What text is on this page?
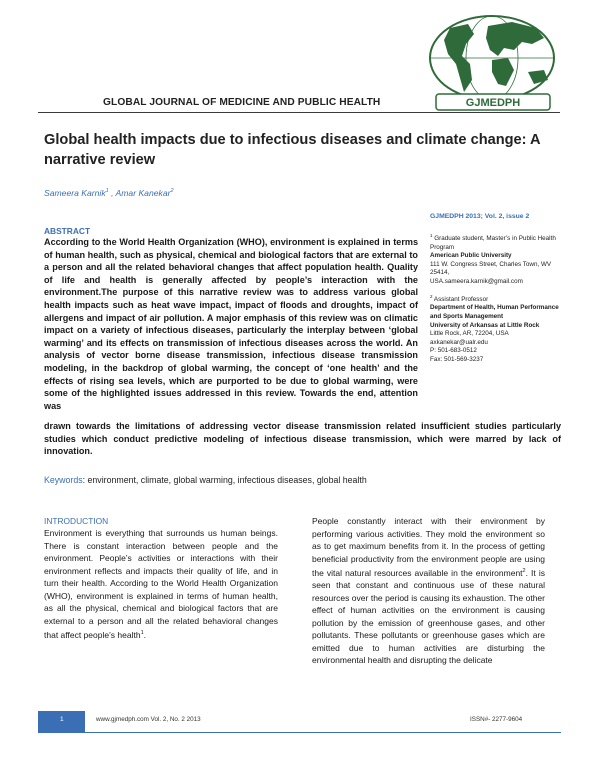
GLOBAL JOURNAL OF MEDICINE AND PUBLIC HEALTH	GJMEDPH
Global health impacts due to infectious diseases and climate change: A narrative review
Sameera Karnik$^1$ , Amar Kanekar$^2$
GJMEDPH 2013; Vol. 2, issue 2
ABSTRACT
According to the World Health Organization (WHO), environment is explained in terms of human health, such as physical, chemical and biological factors that are external to a person and all the related behavioral changes that affect population health. Quality of life and health is generally affected by people’s interaction with the environment.The purpose of this narrative review was to address various global health impacts such as heat wave impact, impact of floods and droughts, impact of allergens and impact of air pollution. A major emphasis of this review was on climatic impact on a variety of infectious diseases, particularly the interplay between ‘global warming’ and its effects on transmission of infectious diseases across the world. An analysis of vector borne disease transmission, infectious disease transmission modeling, in the backdrop of global warming, the concept of ‘one health’ and the effects of rising sea levels, which are purported to be due to global warming, were some of the highlighted issues addressed in this review. Towards the end, attention was
drawn towards the limitations of addressing vector disease transmission related insufficient studies particularly studies which conduct predictive modeling of infectious disease transmission, which were marred by lack of innovation.
$^1$ Graduate student, Master’s in Public Health Program
American Public University
111 W. Congress Street, Charles Town, WV 25414,
USA.sameera.karnik@gmail.com
$^2$ Assistant Professor
Department of Health, Human Performance and Sports Management
University of Arkansas at Little Rock
Little Rock, AR, 72204, USA
axkanekar@ualr.edu
P: 501-683-0512
Fax: 501-569-3237
Keywords: environment, climate, global warming, infectious diseases, global health
INTRODUCTION
Environment is everything that surrounds us human beings. There is constant interaction between people and the environment. People’s activities or interactions with their environment reflects and impacts their quality of life, and in turn their health. According to the World Health Organization (WHO), environment is explained in terms of human health, as all the physical, chemical and biological factors that are external to a person and all the related behavioral changes that affect people’s health$^1$.
People constantly interact with their environment by performing various activities. They mold the environment so as to get maximum benefits from it. In the process of getting beneficial productivity from the environment people are using the vital natural resources available in the environment$^2$. It is seen that constant and continuous use of these natural resources over the period is causing its exhaustion. The other effect of human activities on the environment is causing pollution by the emission of greenhouse gases, and other pollutants. These pollutants or greenhouse gases which are emitted due to human activities are disturbing the environmental health and disrupting the delicate
1	www.gjmedph.com Vol. 2, No. 2 2013	ISSN#- 2277-9604
